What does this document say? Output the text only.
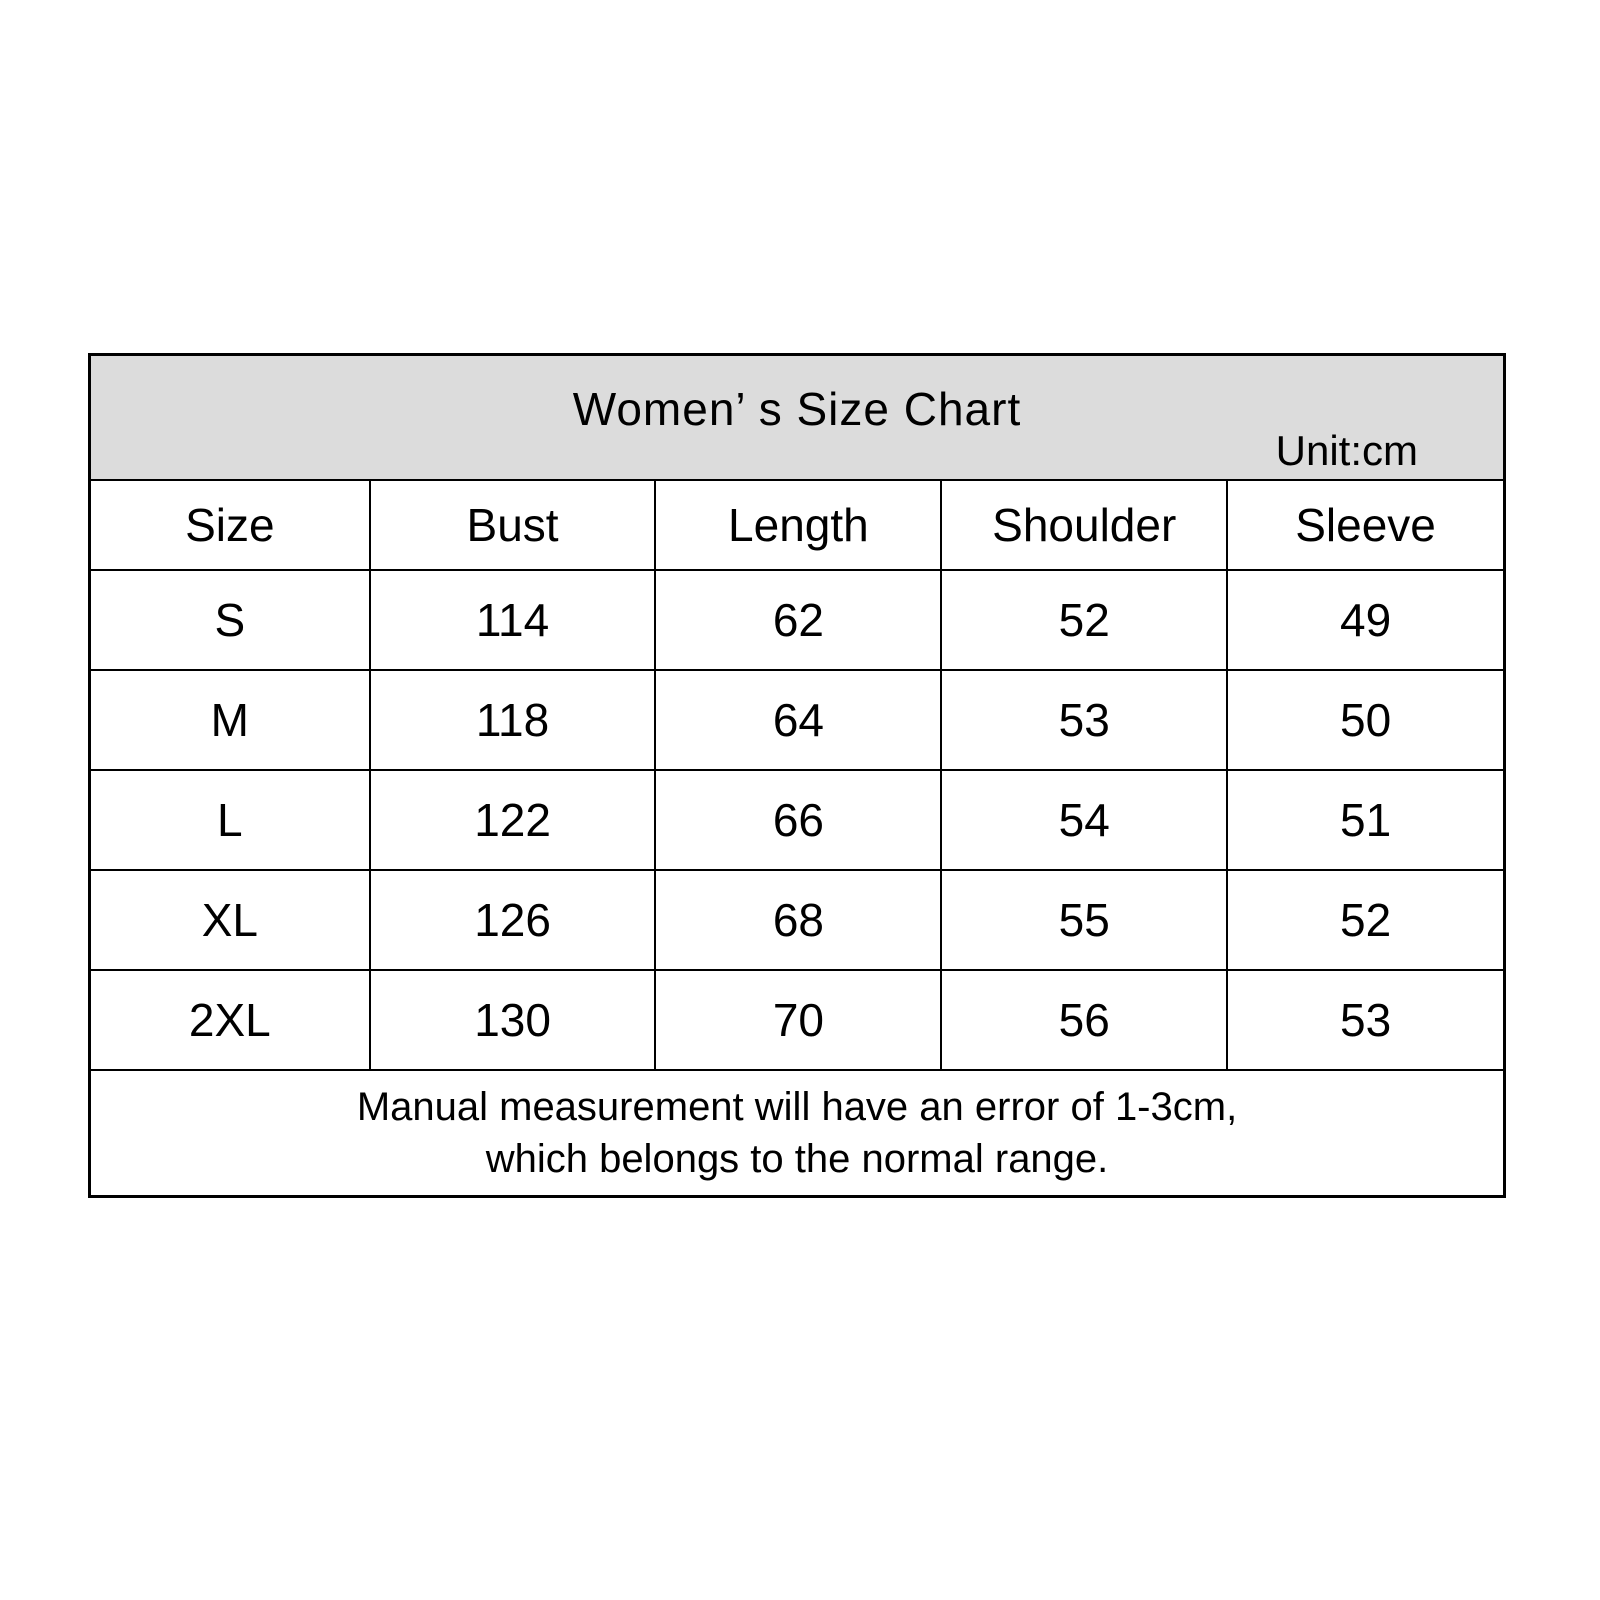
Women’ s Size Chart
Unit:cm				

Size	Bust	Length	Shoulder	Sleeve
S	114	62	52	49
M	118	64	53	50
L	122	66	54	51
XL	126	68	55	52
2XL	130	70	56	53

Manual measurement will have an error of 1-3cm,
which belongs to the normal range.				
